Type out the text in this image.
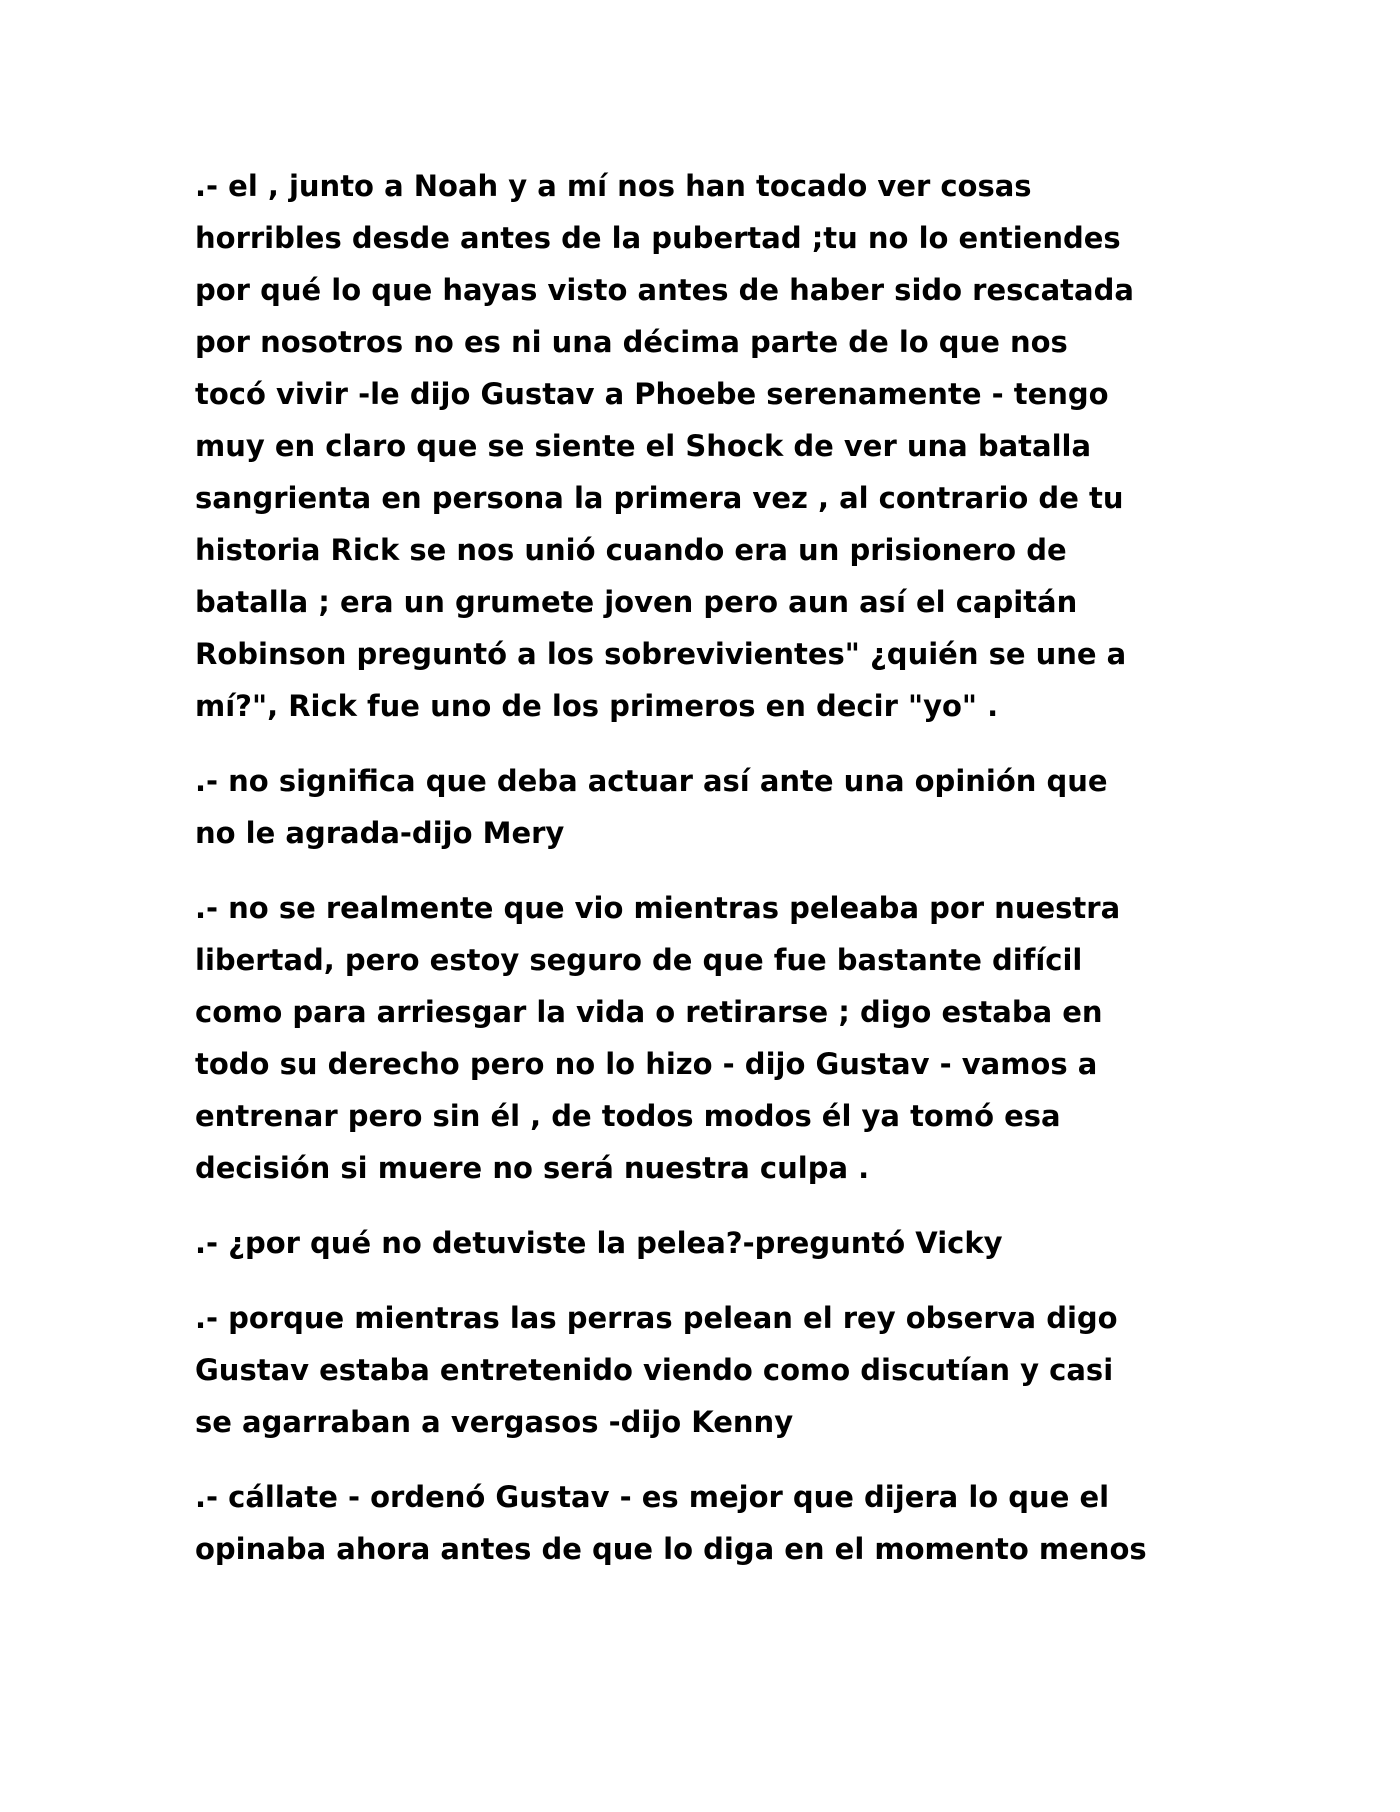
.- el , junto a Noah y a mí nos han tocado ver cosas
horribles desde antes de la pubertad ;tu no lo entiendes
por qué lo que hayas visto antes de haber sido rescatada
por nosotros no es ni una décima parte de lo que nos
tocó vivir -le dijo Gustav a Phoebe serenamente - tengo
muy en claro que se siente el Shock de ver una batalla
sangrienta en persona la primera vez , al contrario de tu
historia Rick se nos unió cuando era un prisionero de
batalla ; era un grumete joven pero aun así el capitán
Robinson preguntó a los sobrevivientes" ¿quién se une a
mí?", Rick fue uno de los primeros en decir "yo" .

.- no significa que deba actuar así ante una opinión que
no le agrada-dijo Mery

.- no se realmente que vio mientras peleaba por nuestra
libertad, pero estoy seguro de que fue bastante difícil
como para arriesgar la vida o retirarse ; digo estaba en
todo su derecho pero no lo hizo - dijo Gustav - vamos a
entrenar pero sin él , de todos modos él ya tomó esa
decisión si muere no será nuestra culpa .

.- ¿por qué no detuviste la pelea?-preguntó Vicky

.- porque mientras las perras pelean el rey observa digo
Gustav estaba entretenido viendo como discutían y casi
se agarraban a vergasos -dijo Kenny

.- cállate - ordenó Gustav - es mejor que dijera lo que el
opinaba ahora antes de que lo diga en el momento menos
